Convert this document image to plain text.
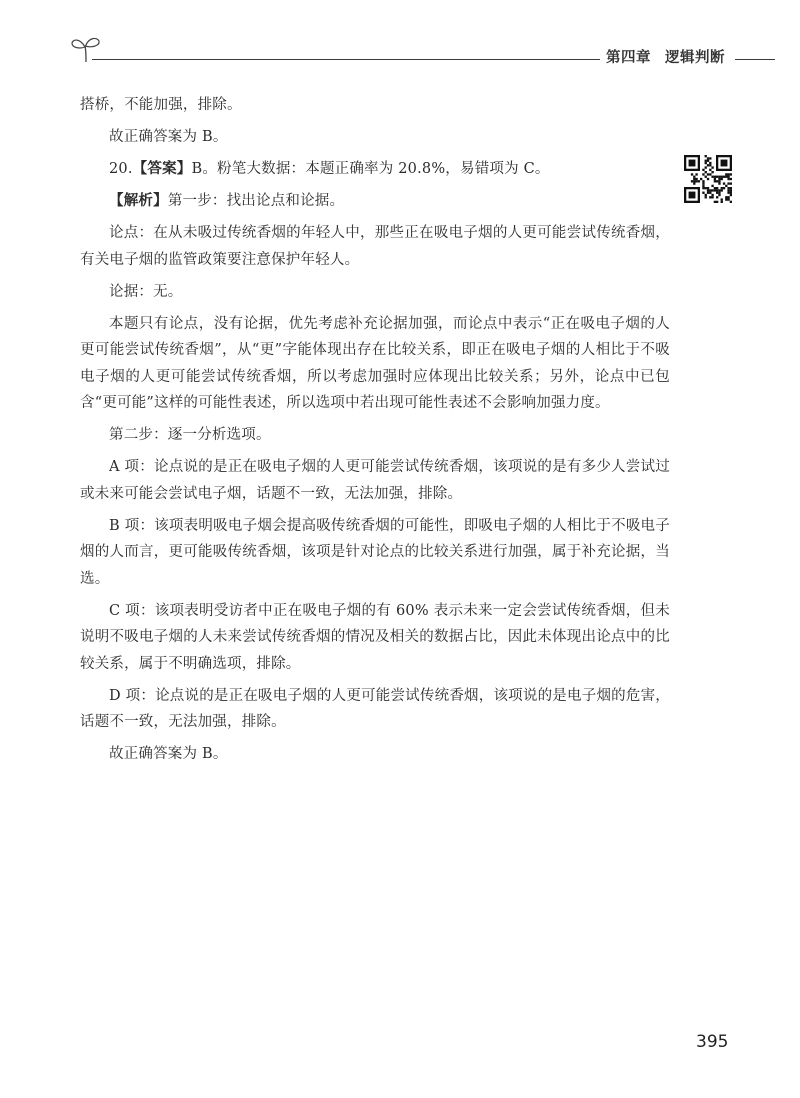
第四章 逻辑判断

搭桥，不能加强，排除。

故正确答案为 B。

20.【答案】B。粉笔大数据：本题正确率为 20.8%，易错项为 C。

【解析】第一步：找出论点和论据。

论点：在从未吸过传统香烟的年轻人中，那些正在吸电子烟的人更可能尝试传统香烟，有关电子烟的监管政策要注意保护年轻人。

论据：无。

本题只有论点，没有论据，优先考虑补充论据加强，而论点中表示“正在吸电子烟的人更可能尝试传统香烟”，从“更”字能体现出存在比较关系，即正在吸电子烟的人相比于不吸电子烟的人更可能尝试传统香烟，所以考虑加强时应体现出比较关系；另外，论点中已包含“更可能”这样的可能性表述，所以选项中若出现可能性表述不会影响加强力度。

第二步：逐一分析选项。

A 项：论点说的是正在吸电子烟的人更可能尝试传统香烟，该项说的是有多少人尝试过或未来可能会尝试电子烟，话题不一致，无法加强，排除。

B 项：该项表明吸电子烟会提高吸传统香烟的可能性，即吸电子烟的人相比于不吸电子烟的人而言，更可能吸传统香烟，该项是针对论点的比较关系进行加强，属于补充论据，当选。

C 项：该项表明受访者中正在吸电子烟的有 60% 表示未来一定会尝试传统香烟，但未说明不吸电子烟的人未来尝试传统香烟的情况及相关的数据占比，因此未体现出论点中的比较关系，属于不明确选项，排除。

D 项：论点说的是正在吸电子烟的人更可能尝试传统香烟，该项说的是电子烟的危害，话题不一致，无法加强，排除。

故正确答案为 B。

395
